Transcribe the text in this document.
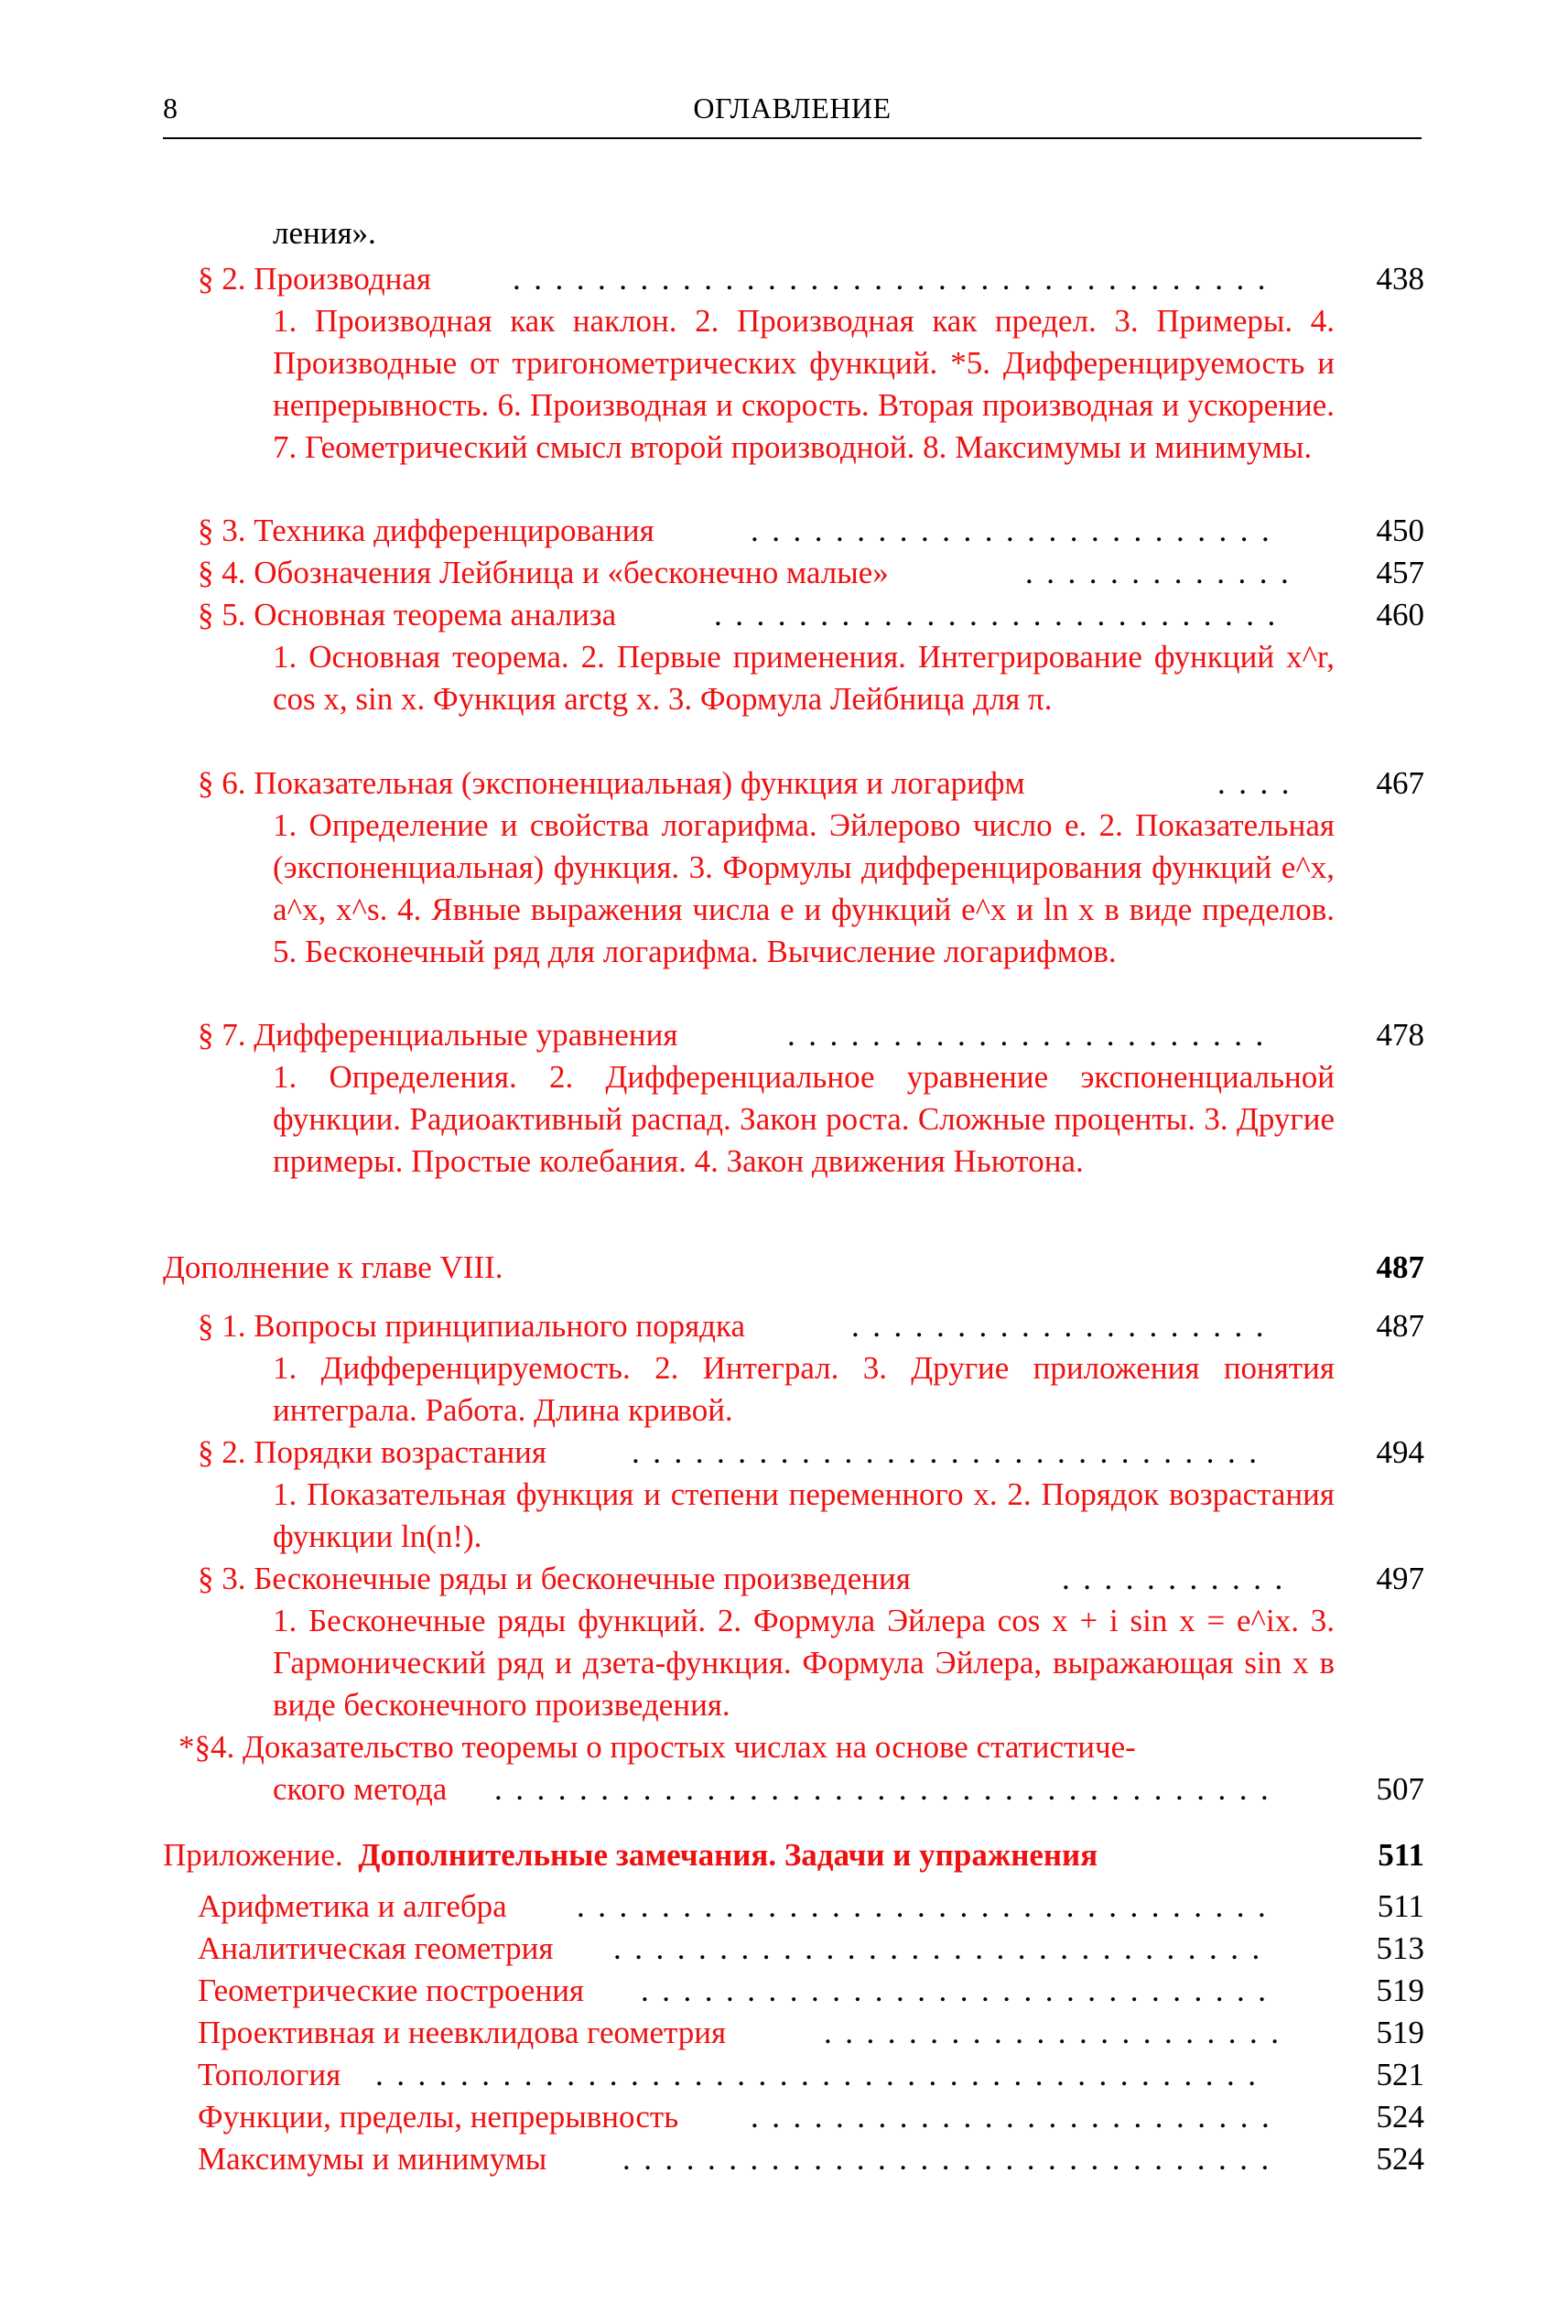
8	ОГЛАВЛЕНИЕ
ления».
....................................
§ 2. Производная	438
1. Производная как наклон. 2. Производная как предел. 3. Примеры. 4. Производные от тригонометрических функций. *5. Дифференцируемость и непрерывность. 6. Производная и скорость. Вторая производная и ускорение. 7. Геометрический смысл второй производной. 8. Максимумы и минимумы.
.........................
§ 3. Техника дифференцирования	450
.............
§ 4. Обозначения Лейбница и «бесконечно малые»	457
...........................
§ 5. Основная теорема анализа	460
1. Основная теорема. 2. Первые применения. Интегрирование функций x^r, cos x, sin x. Функция arctg x. 3. Формула Лейбница для π.
....
§ 6. Показательная (экспоненциальная) функция и логарифм	467
1. Определение и свойства логарифма. Эйлерово число e. 2. Показательная (экспоненциальная) функция. 3. Формулы дифференцирования функций e^x, a^x, x^s. 4. Явные выражения числа e и функций e^x и ln x в виде пределов. 5. Бесконечный ряд для логарифма. Вычисление логарифмов.
.......................
§ 7. Дифференциальные уравнения	478
1. Определения. 2. Дифференциальное уравнение экспоненциальной функции. Радиоактивный распад. Закон роста. Сложные проценты. 3. Другие примеры. Простые колебания. 4. Закон движения Ньютона.
Дополнение к главе VIII.	487
....................
§ 1. Вопросы принципиального порядка	487
1. Дифференцируемость. 2. Интеграл. 3. Другие приложения понятия интеграла. Работа. Длина кривой.
..............................
§ 2. Порядки возрастания	494
1. Показательная функция и степени переменного x. 2. Порядок возрастания функции ln(n!).
...........
§ 3. Бесконечные ряды и бесконечные произведения	497
1. Бесконечные ряды функций. 2. Формула Эйлера cos x + i sin x = e^ix. 3. Гармонический ряд и дзета-функция. Формула Эйлера, выражающая sin x в виде бесконечного произведения.
*§4. Доказательство теоремы о простых числах на основе статистиче-
.....................................
ского метода	507
Приложение. Дополнительные замечания. Задачи и упражнения	511
.................................
Арифметика и алгебра	511
...............................
Аналитическая геометрия	513
..............................
Геометрические построения	519
......................
Проективная и неевклидова геометрия	519
..........................................
Топология	521
.........................
Функции, пределы, непрерывность	524
...............................
Максимумы и минимумы	524
